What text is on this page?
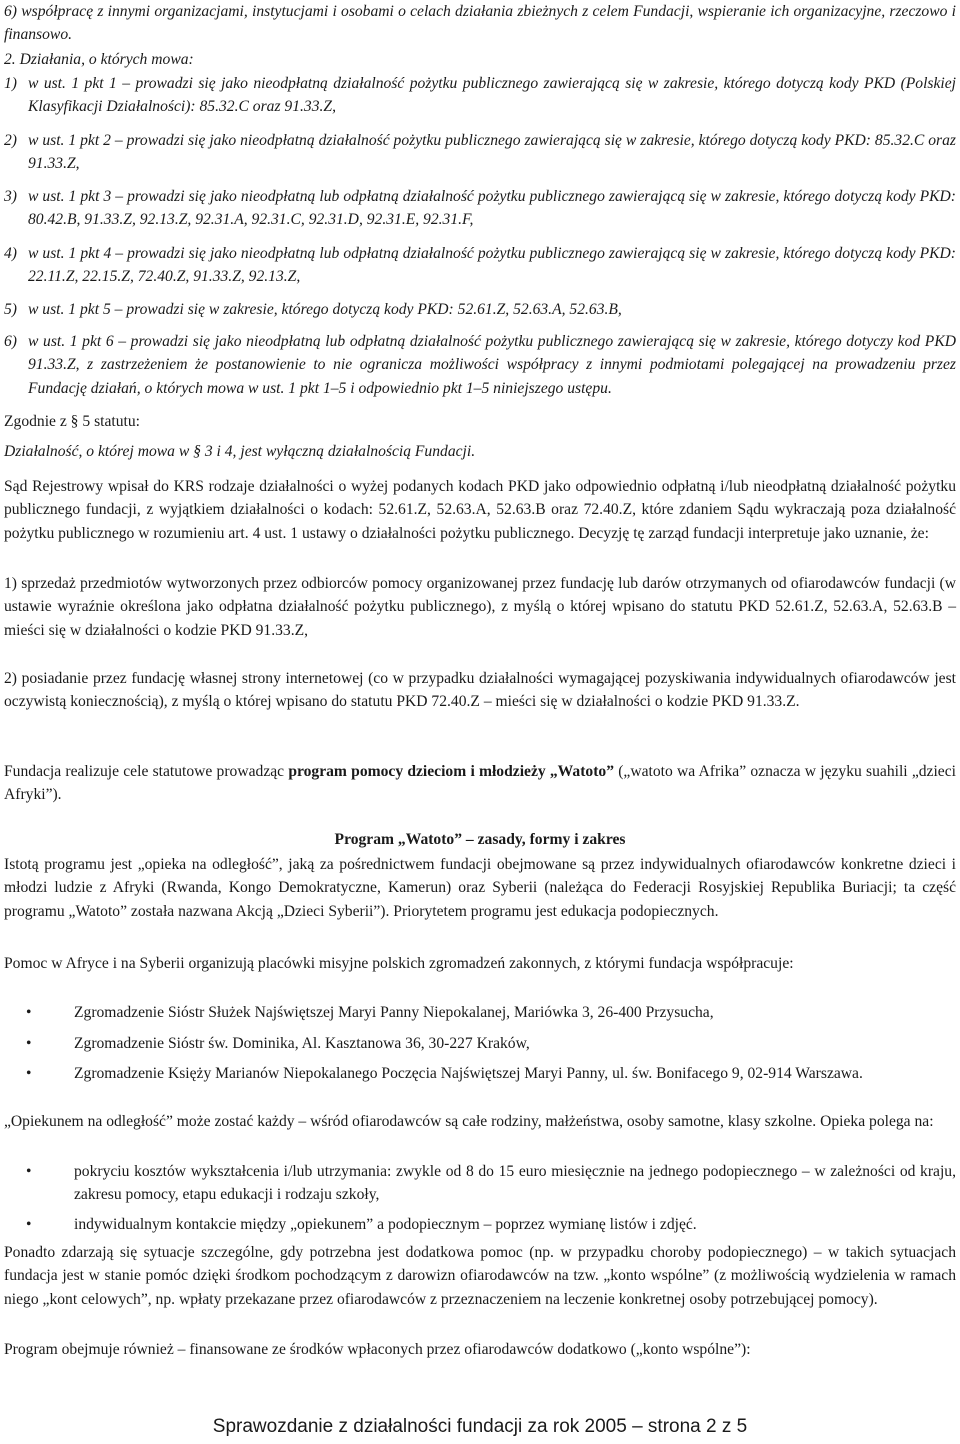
6) współpracę z innymi organizacjami, instytucjami i osobami o celach działania zbieżnych z celem Fundacji, wspieranie ich organizacyjne, rzeczowo i finansowo.

2. Działania, o których mowa:

1) w ust. 1 pkt 1 – prowadzi się jako nieodpłatną działalność pożytku publicznego zawierającą się w zakresie, którego dotyczą kody PKD (Polskiej Klasyfikacji Działalności): 85.32.C oraz 91.33.Z,
2) w ust. 1 pkt 2 – prowadzi się jako nieodpłatną działalność pożytku publicznego zawierającą się w zakresie, którego dotyczą kody PKD: 85.32.C oraz 91.33.Z,
3) w ust. 1 pkt 3 – prowadzi się jako nieodpłatną lub odpłatną działalność pożytku publicznego zawierającą się w zakresie, którego dotyczą kody PKD: 80.42.B, 91.33.Z, 92.13.Z, 92.31.A, 92.31.C, 92.31.D, 92.31.E, 92.31.F,
4) w ust. 1 pkt 4 – prowadzi się jako nieodpłatną lub odpłatną działalność pożytku publicznego zawierającą się w zakresie, którego dotyczą kody PKD: 22.11.Z, 22.15.Z, 72.40.Z, 91.33.Z, 92.13.Z,
5) w ust. 1 pkt 5 – prowadzi się w zakresie, którego dotyczą kody PKD: 52.61.Z, 52.63.A, 52.63.B,
6) w ust. 1 pkt 6 – prowadzi się jako nieodpłatną lub odpłatną działalność pożytku publicznego zawierającą się w zakresie, którego dotyczy kod PKD 91.33.Z, z zastrzeżeniem że postanowienie to nie ogranicza możliwości współpracy z innymi podmiotami polegającej na prowadzeniu przez Fundację działań, o których mowa w ust. 1 pkt 1–5 i odpowiednio pkt 1–5 niniejszego ustępu.

Zgodnie z § 5 statutu:

Działalność, o której mowa w § 3 i 4, jest wyłączną działalnością Fundacji.

Sąd Rejestrowy wpisał do KRS rodzaje działalności o wyżej podanych kodach PKD jako odpowiednio odpłatną i/lub nieodpłatną działalność pożytku publicznego fundacji, z wyjątkiem działalności o kodach: 52.61.Z, 52.63.A, 52.63.B oraz 72.40.Z, które zdaniem Sądu wykraczają poza działalność pożytku publicznego w rozumieniu art. 4 ust. 1 ustawy o działalności pożytku publicznego. Decyzję tę zarząd fundacji interpretuje jako uznanie, że:

1) sprzedaż przedmiotów wytworzonych przez odbiorców pomocy organizowanej przez fundację lub darów otrzymanych od ofiarodawców fundacji (w ustawie wyraźnie określona jako odpłatna działalność pożytku publicznego), z myślą o której wpisano do statutu PKD 52.61.Z, 52.63.A, 52.63.B – mieści się w działalności o kodzie PKD 91.33.Z,

2) posiadanie przez fundację własnej strony internetowej (co w przypadku działalności wymagającej pozyskiwania indywidualnych ofiarodawców jest oczywistą koniecznością), z myślą o której wpisano do statutu PKD 72.40.Z – mieści się w działalności o kodzie PKD 91.33.Z.

Fundacja realizuje cele statutowe prowadząc program pomocy dzieciom i młodzieży „Watoto” („watoto wa Afrika” oznacza w języku suahili „dzieci Afryki”).

Program „Watoto” – zasady, formy i zakres

Istotą programu jest „opieka na odległość”, jaką za pośrednictwem fundacji obejmowane są przez indywidualnych ofiarodawców konkretne dzieci i młodzi ludzie z Afryki (Rwanda, Kongo Demokratyczne, Kamerun) oraz Syberii (należąca do Federacji Rosyjskiej Republika Buriacji; ta część programu „Watoto” została nazwana Akcją „Dzieci Syberii”). Priorytetem programu jest edukacja podopiecznych.

Pomoc w Afryce i na Syberii organizują placówki misyjne polskich zgromadzeń zakonnych, z którymi fundacja współpracuje:

•	Zgromadzenie Sióstr Służek Najświętszej Maryi Panny Niepokalanej, Mariówka 3, 26-400 Przysucha,
•	Zgromadzenie Sióstr św. Dominika, Al. Kasztanowa 36, 30-227 Kraków,
•	Zgromadzenie Księży Marianów Niepokalanego Poczęcia Najświętszej Maryi Panny, ul. św. Bonifacego 9, 02-914 Warszawa.

„Opiekunem na odległość” może zostać każdy – wśród ofiarodawców są całe rodziny, małżeństwa, osoby samotne, klasy szkolne. Opieka polega na:

•	pokryciu kosztów wykształcenia i/lub utrzymania: zwykle od 8 do 15 euro miesięcznie na jednego podopiecznego – w zależności od kraju, zakresu pomocy, etapu edukacji i rodzaju szkoły,
•	indywidualnym kontakcie między „opiekunem” a podopiecznym – poprzez wymianę listów i zdjęć.

Ponadto zdarzają się sytuacje szczególne, gdy potrzebna jest dodatkowa pomoc (np. w przypadku choroby podopiecznego) – w takich sytuacjach fundacja jest w stanie pomóc dzięki środkom pochodzącym z darowizn ofiarodawców na tzw. „konto wspólne” (z możliwością wydzielenia w ramach niego „kont celowych”, np. wpłaty przekazane przez ofiarodawców z przeznaczeniem na leczenie konkretnej osoby potrzebującej pomocy).

Program obejmuje również – finansowane ze środków wpłaconych przez ofiarodawców dodatkowo („konto wspólne”):

Sprawozdanie z działalności fundacji za rok 2005 – strona 2 z 5
